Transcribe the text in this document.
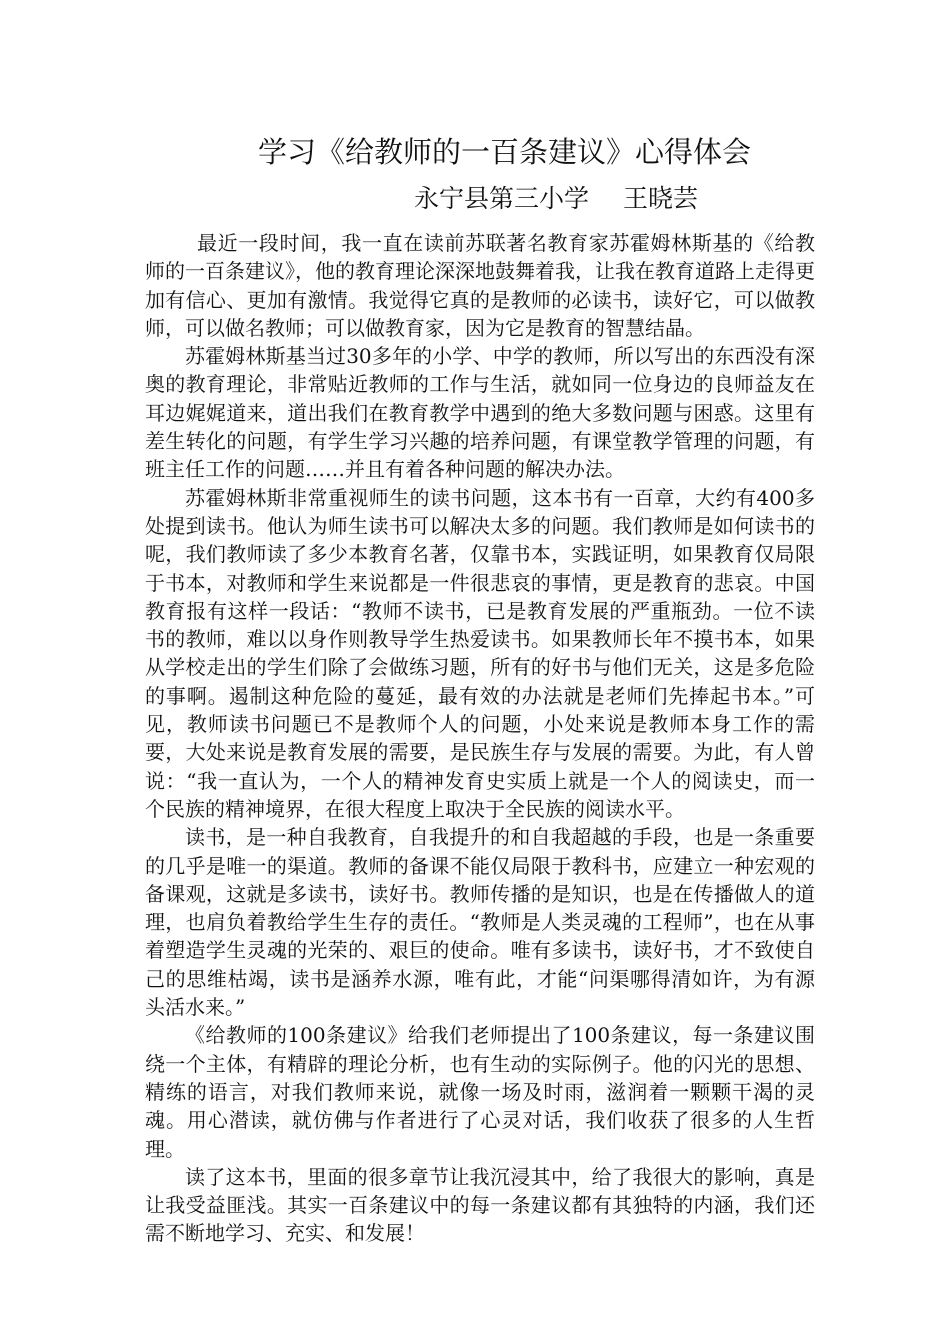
学习《给教师的一百条建议》心得体会
永宁县第三小学 王晓芸

最近一段时间，我一直在读前苏联著名教育家苏霍姆林斯基的《给教师的一百条建议》，他的教育理论深深地鼓舞着我，让我在教育道路上走得更加有信心、更加有激情。我觉得它真的是教师的必读书，读好它，可以做教师，可以做名教师；可以做教育家，因为它是教育的智慧结晶。

苏霍姆林斯基当过30多年的小学、中学的教师，所以写出的东西没有深奥的教育理论，非常贴近教师的工作与生活，就如同一位身边的良师益友在耳边娓娓道来，道出我们在教育教学中遇到的绝大多数问题与困惑。这里有差生转化的问题，有学生学习兴趣的培养问题，有课堂教学管理的问题，有班主任工作的问题……并且有着各种问题的解决办法。

苏霍姆林斯非常重视师生的读书问题，这本书有一百章，大约有400多处提到读书。他认为师生读书可以解决太多的问题。我们教师是如何读书的呢，我们教师读了多少本教育名著，仅靠书本，实践证明，如果教育仅局限于书本，对教师和学生来说都是一件很悲哀的事情，更是教育的悲哀。中国教育报有这样一段话：“教师不读书，已是教育发展的严重瓶劲。一位不读书的教师，难以以身作则教导学生热爱读书。如果教师长年不摸书本，如果从学校走出的学生们除了会做练习题，所有的好书与他们无关，这是多危险的事啊。遏制这种危险的蔓延，最有效的办法就是老师们先捧起书本。”可见，教师读书问题已不是教师个人的问题，小处来说是教师本身工作的需要，大处来说是教育发展的需要，是民族生存与发展的需要。为此，有人曾说：“我一直认为，一个人的精神发育史实质上就是一个人的阅读史，而一个民族的精神境界，在很大程度上取决于全民族的阅读水平。

读书，是一种自我教育，自我提升的和自我超越的手段，也是一条重要的几乎是唯一的渠道。教师的备课不能仅局限于教科书，应建立一种宏观的备课观，这就是多读书，读好书。教师传播的是知识，也是在传播做人的道理，也肩负着教给学生生存的责任。“教师是人类灵魂的工程师”，也在从事着塑造学生灵魂的光荣的、艰巨的使命。唯有多读书，读好书，才不致使自己的思维枯竭，读书是涵养水源，唯有此，才能“问渠哪得清如许，为有源头活水来。”

《给教师的100条建议》给我们老师提出了100条建议，每一条建议围绕一个主体，有精辟的理论分析，也有生动的实际例子。他的闪光的思想、精练的语言，对我们教师来说，就像一场及时雨，滋润着一颗颗干渴的灵魂。用心潜读，就仿佛与作者进行了心灵对话，我们收获了很多的人生哲理。

读了这本书，里面的很多章节让我沉浸其中，给了我很大的影响，真是让我受益匪浅。其实一百条建议中的每一条建议都有其独特的内涵，我们还需不断地学习、充实、和发展！
